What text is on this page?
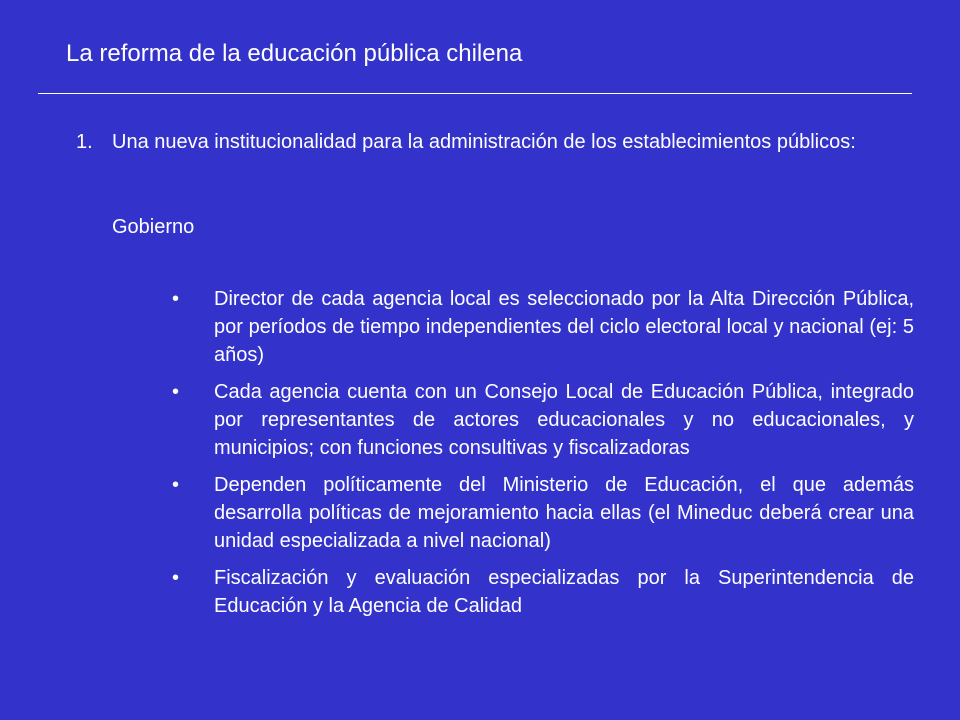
La reforma de la educación pública chilena
1. Una nueva institucionalidad para la administración de los establecimientos públicos:
Gobierno
• Director de cada agencia local es seleccionado por la Alta Dirección Pública, por períodos de tiempo independientes del ciclo electoral local y nacional (ej: 5 años)
• Cada agencia cuenta con un Consejo Local de Educación Pública, integrado por representantes de actores educacionales y no educacionales, y municipios; con funciones consultivas y fiscalizadoras
• Dependen políticamente del Ministerio de Educación, el que además desarrolla políticas de mejoramiento hacia ellas (el Mineduc deberá crear una unidad especializada a nivel nacional)
• Fiscalización y evaluación especializadas por la Superintendencia de Educación y la Agencia de Calidad
